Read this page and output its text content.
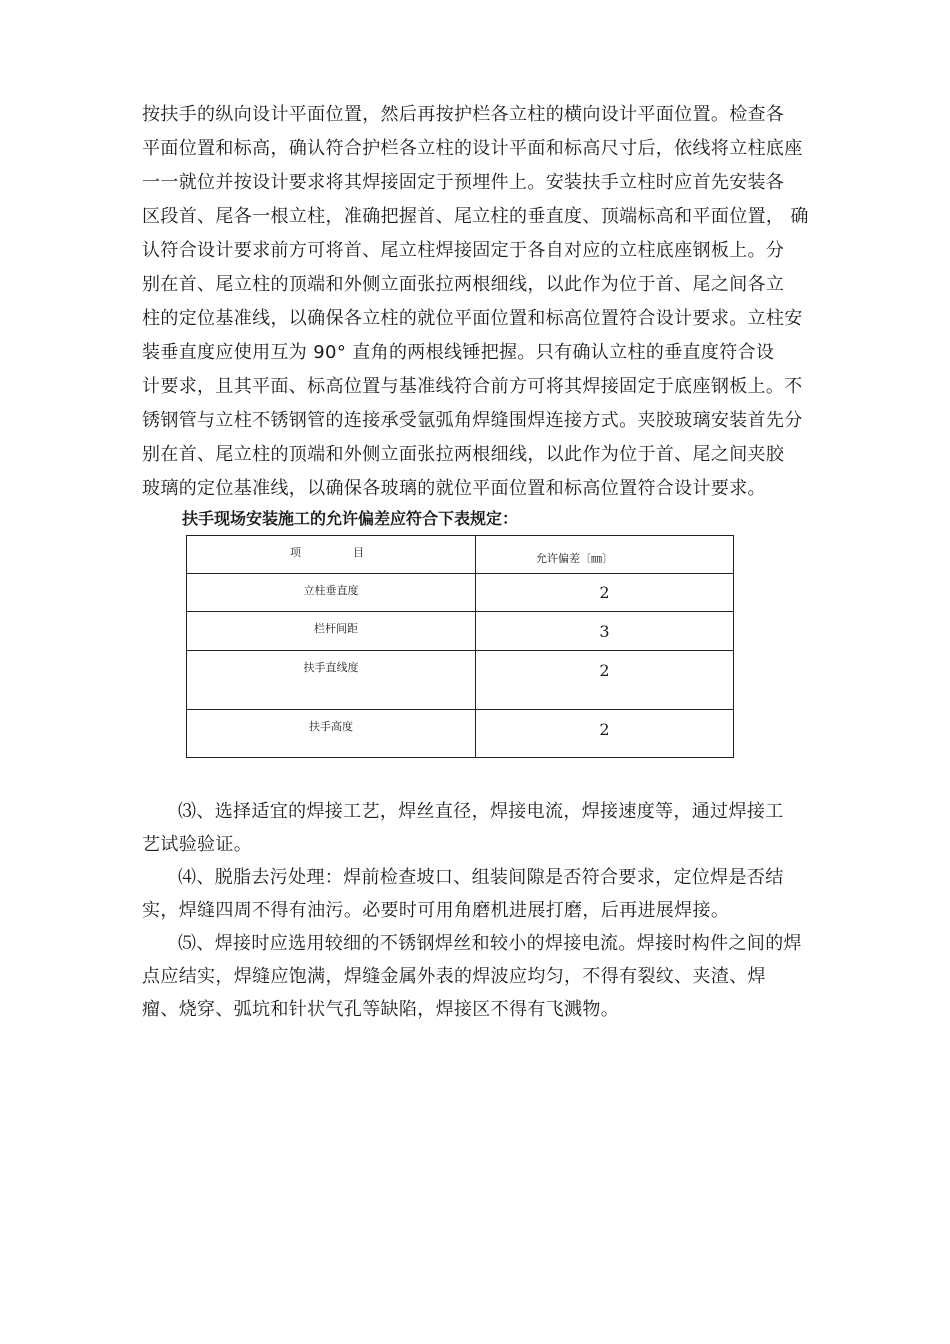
按扶手的纵向设计平面位置，然后再按护栏各立柱的横向设计平面位置。检查各
平面位置和标高，确认符合护栏各立柱的设计平面和标高尺寸后，依线将立柱底座
一一就位并按设计要求将其焊接固定于预埋件上。安装扶手立柱时应首先安装各
区段首、尾各一根立柱，准确把握首、尾立柱的垂直度、顶端标高和平面位置， 确
认符合设计要求前方可将首、尾立柱焊接固定于各自对应的立柱底座钢板上。分
别在首、尾立柱的顶端和外侧立面张拉两根细线，以此作为位于首、尾之间各立
柱的定位基准线，以确保各立柱的就位平面位置和标高位置符合设计要求。立柱安
装垂直度应使用互为 90° 直角的两根线锤把握。只有确认立柱的垂直度符合设
计要求，且其平面、标高位置与基准线符合前方可将其焊接固定于底座钢板上。不
锈钢管与立柱不锈钢管的连接承受氩弧角焊缝围焊连接方式。夹胶玻璃安装首先分
别在首、尾立柱的顶端和外侧立面张拉两根细线，以此作为位于首、尾之间夹胶
玻璃的定位基准线，以确保各玻璃的就位平面位置和标高位置符合设计要求。
扶手现场安装施工的允许偏差应符合下表规定：
项 目	允许偏差〔㎜〕

立柱垂直度	2

栏杆间距	3

扶手直线度	2

扶手高度	2
⑶、选择适宜的焊接工艺，焊丝直径，焊接电流，焊接速度等，通过焊接工
艺试验验证。
⑷、脱脂去污处理：焊前检查坡口、组装间隙是否符合要求，定位焊是否结
实，焊缝四周不得有油污。必要时可用角磨机进展打磨，后再进展焊接。
⑸、焊接时应选用较细的不锈钢焊丝和较小的焊接电流。焊接时构件之间的焊
点应结实，焊缝应饱满，焊缝金属外表的焊波应均匀，不得有裂纹、夹渣、焊
瘤、烧穿、弧坑和针状气孔等缺陷，焊接区不得有飞溅物。
